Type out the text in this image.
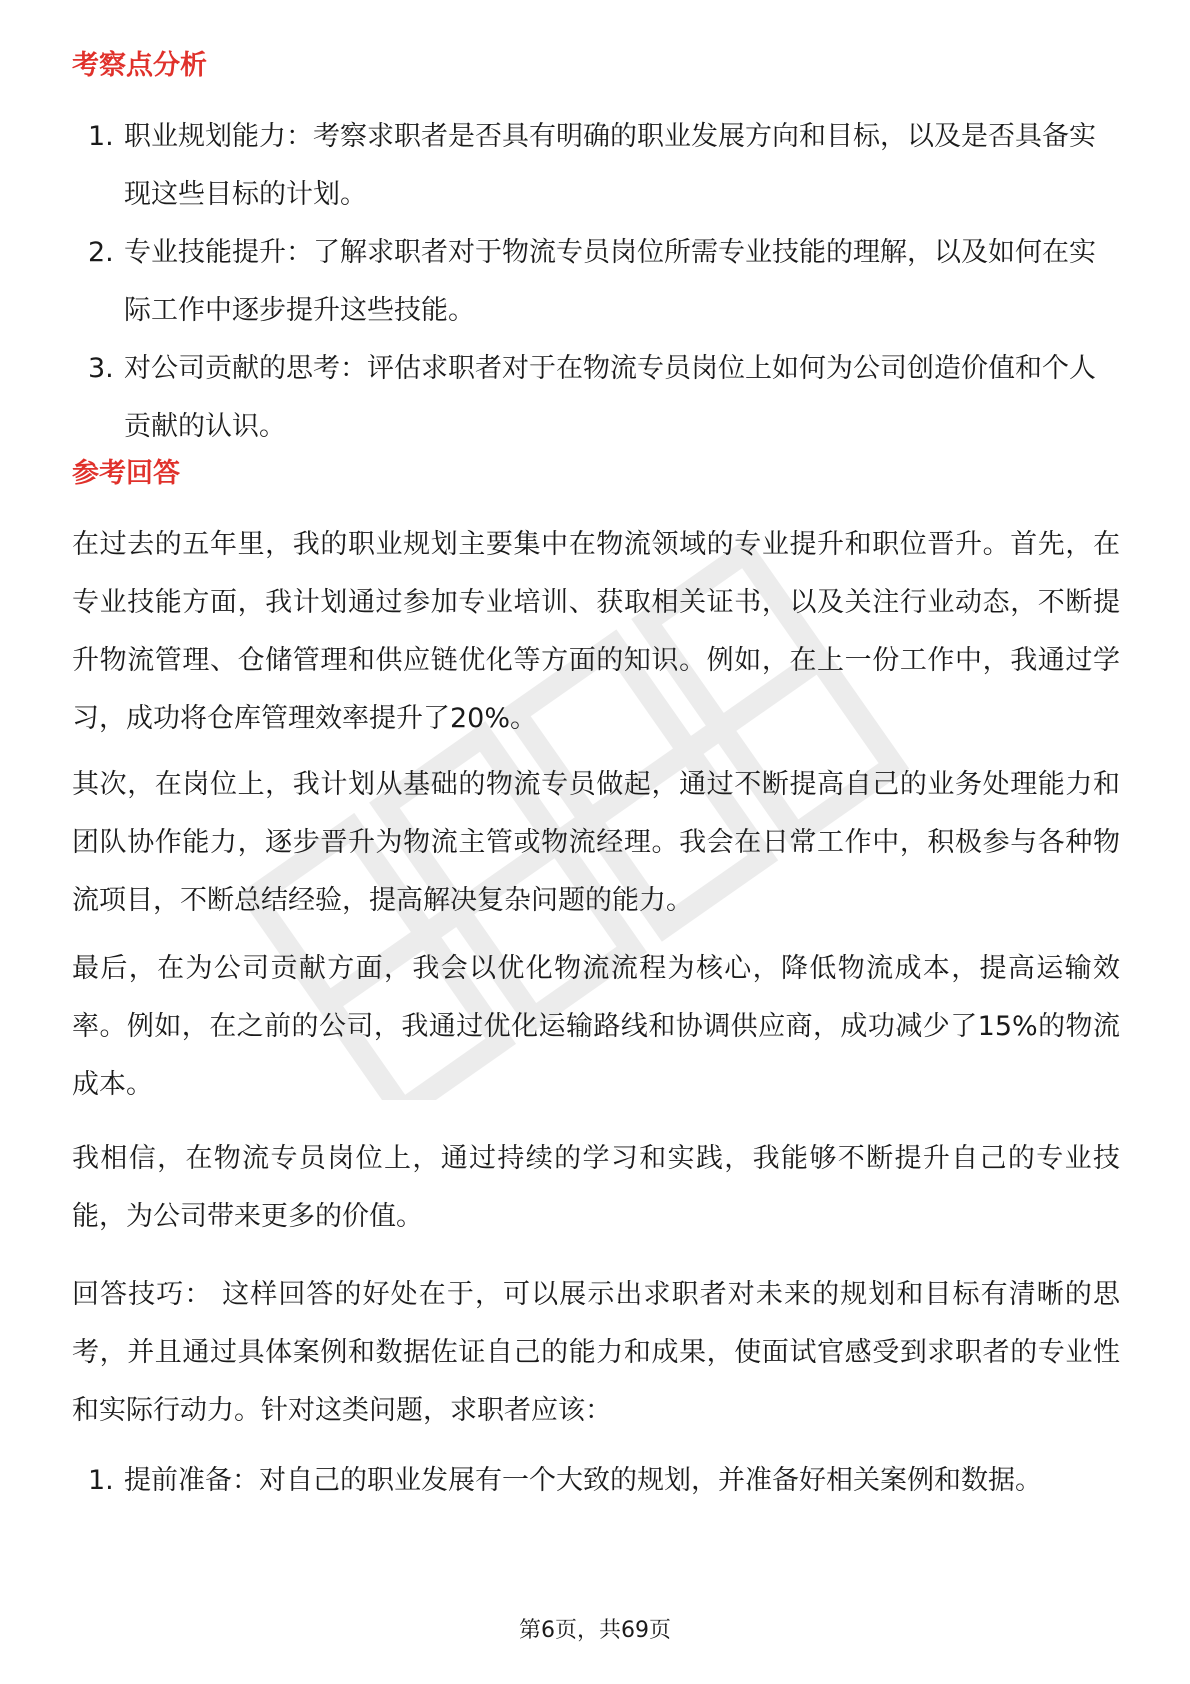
考察点分析
1. 职业规划能力：考察求职者是否具有明确的职业发展方向和目标，以及是否具备实现这些目标的计划。
2. 专业技能提升：了解求职者对于物流专员岗位所需专业技能的理解，以及如何在实际工作中逐步提升这些技能。
3. 对公司贡献的思考：评估求职者对于在物流专员岗位上如何为公司创造价值和个人贡献的认识。
参考回答

在过去的五年里，我的职业规划主要集中在物流领域的专业提升和职位晋升。首先，在专业技能方面，我计划通过参加专业培训、获取相关证书，以及关注行业动态，不断提升物流管理、仓储管理和供应链优化等方面的知识。例如，在上一份工作中，我通过学习，成功将仓库管理效率提升了20%。

其次，在岗位上，我计划从基础的物流专员做起，通过不断提高自己的业务处理能力和团队协作能力，逐步晋升为物流主管或物流经理。我会在日常工作中，积极参与各种物流项目，不断总结经验，提高解决复杂问题的能力。

最后，在为公司贡献方面，我会以优化物流流程为核心，降低物流成本，提高运输效率。例如，在之前的公司，我通过优化运输路线和协调供应商，成功减少了15%的物流成本。

我相信，在物流专员岗位上，通过持续的学习和实践，我能够不断提升自己的专业技能，为公司带来更多的价值。

回答技巧： 这样回答的好处在于，可以展示出求职者对未来的规划和目标有清晰的思考，并且通过具体案例和数据佐证自己的能力和成果，使面试官感受到求职者的专业性和实际行动力。针对这类问题，求职者应该：

1. 提前准备：对自己的职业发展有一个大致的规划，并准备好相关案例和数据。
第6页，共69页
